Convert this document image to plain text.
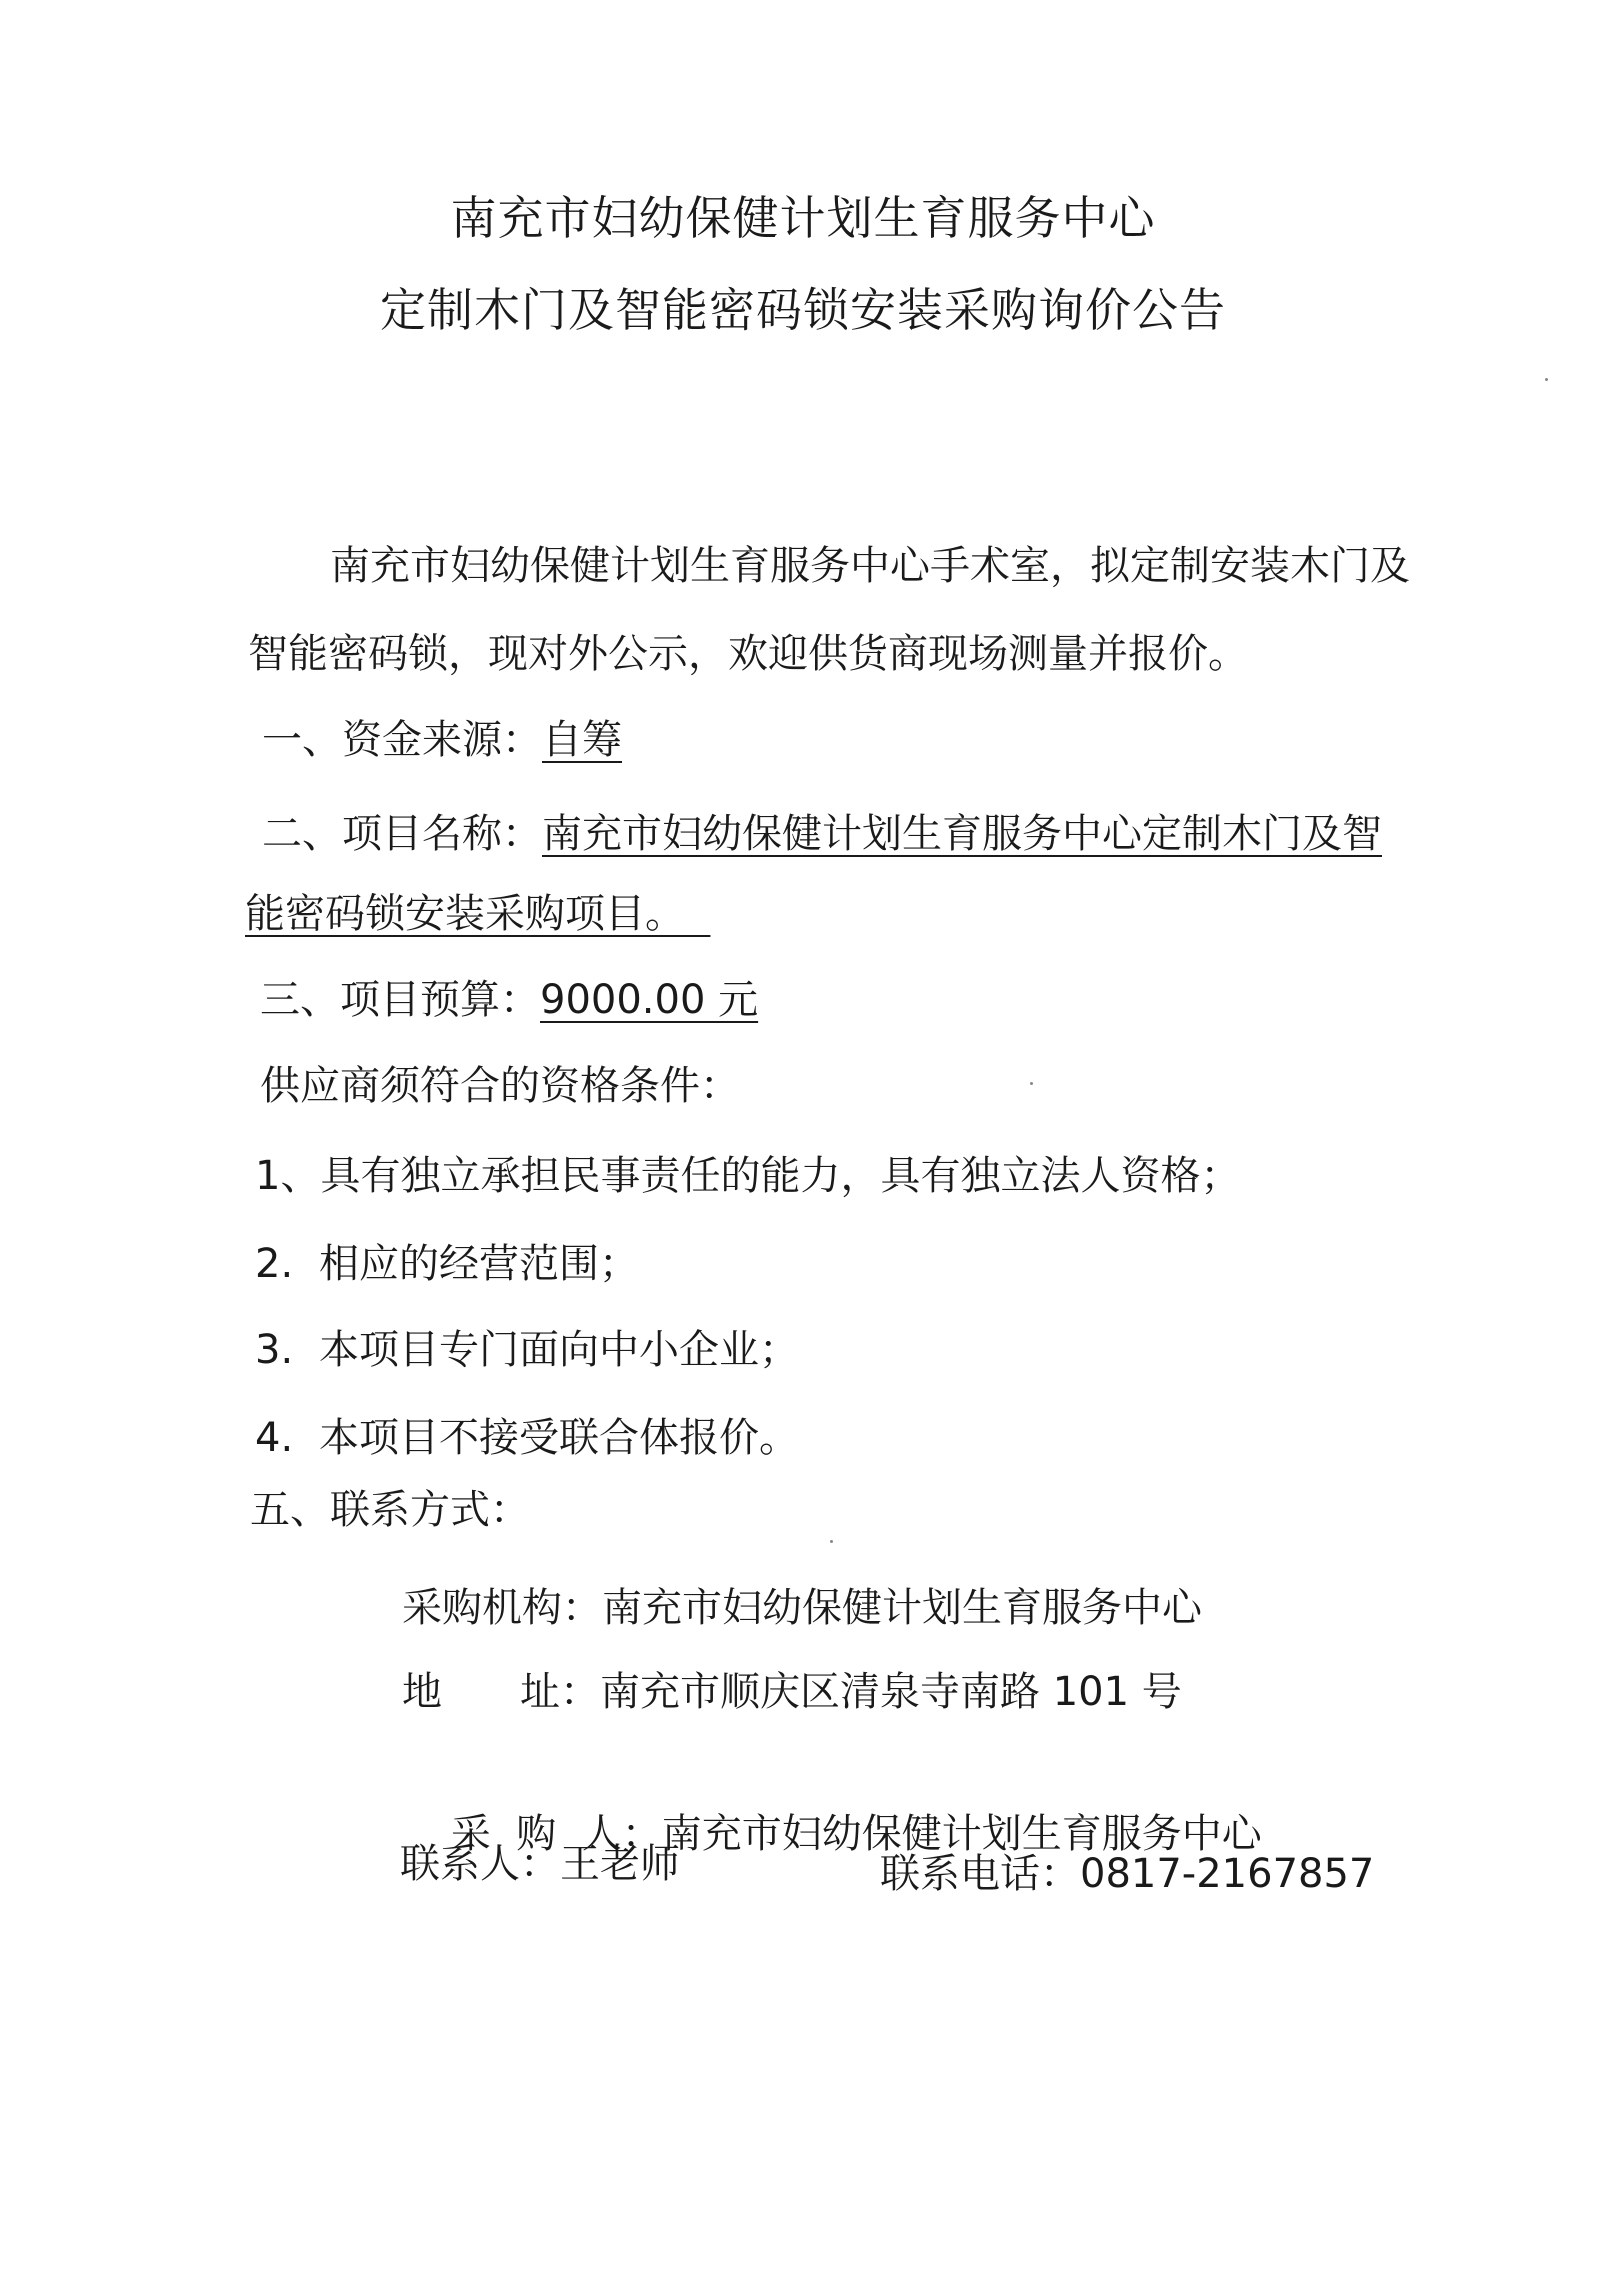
南充市妇幼保健计划生育服务中心
定制木门及智能密码锁安装采购询价公告
南充市妇幼保健计划生育服务中心手术室，拟定制安装木门及
智能密码锁，现对外公示，欢迎供货商现场测量并报价。
一、资金来源：自筹
二、项目名称：南充市妇幼保健计划生育服务中心定制木门及智
能密码锁安装采购项目。
三、项目预算：9000.00 元
供应商须符合的资格条件：
1、具有独立承担民事责任的能力，具有独立法人资格；
2. 相应的经营范围；
3. 本项目专门面向中小企业；
4. 本项目不接受联合体报价。
五、联系方式：
采购机构：南充市妇幼保健计划生育服务中心
地 址：南充市顺庆区清泉寺南路 101 号

采  购  人：南充市妇幼保健计划生育服务中心

联系人：王老师	联系电话：0817-2167857
